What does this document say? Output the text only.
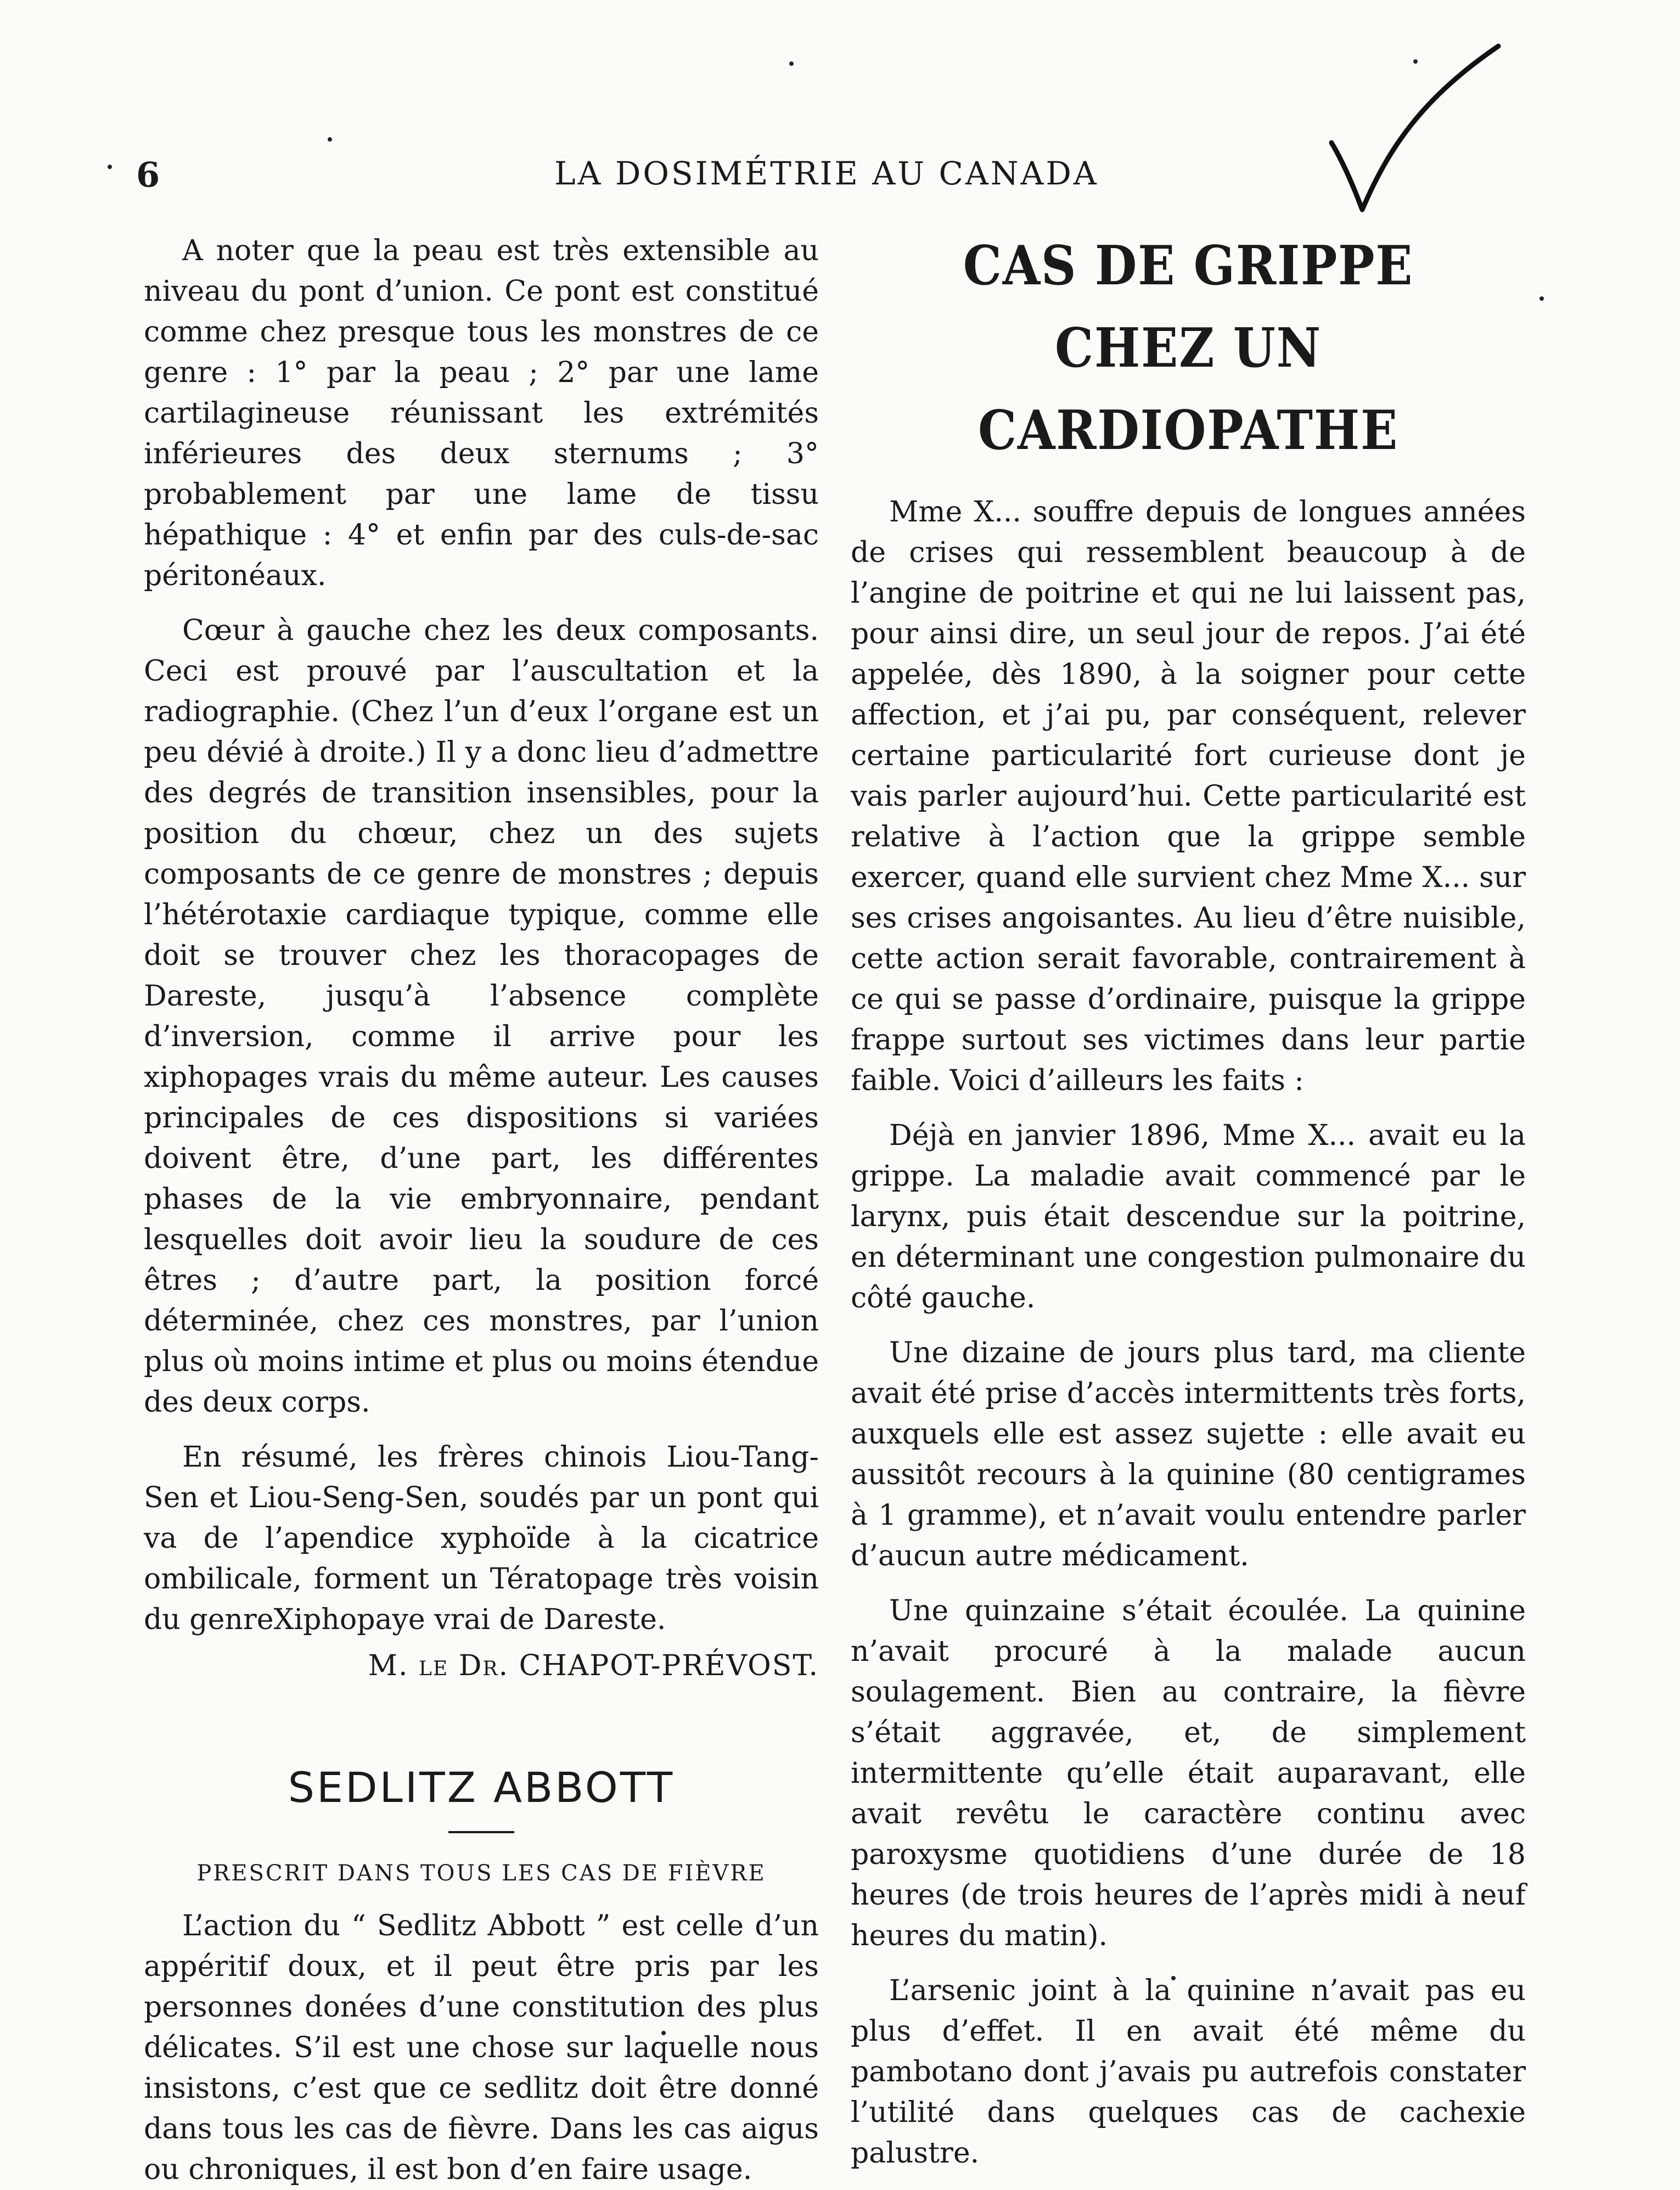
6	LA DOSIMÉTRIE AU CANADA

A noter que la peau est très extensible au niveau du pont d’union. Ce pont est constitué comme chez presque tous les monstres de ce genre : 1° par la peau ; 2° par une lame cartilagineuse réunissant les extrémités inférieures des deux sternums ; 3° probablement par une lame de tissu hépathique : 4° et enfin par des culs-de-sac péritonéaux.

Cœur à gauche chez les deux composants. Ceci est prouvé par l’auscultation et la radiographie. (Chez l’un d’eux l’organe est un peu dévié à droite.) Il y a donc lieu d’admettre des degrés de transition insensibles, pour la position du chœur, chez un des sujets composants de ce genre de monstres ; depuis l’hétérotaxie cardiaque typique, comme elle doit se trouver chez les thoracopages de Dareste, jusqu’à l’absence complète d’inversion, comme il arrive pour les xiphopages vrais du même auteur. Les causes principales de ces dispositions si variées doivent être, d’une part, les différentes phases de la vie embryonnaire, pendant lesquelles doit avoir lieu la soudure de ces êtres ; d’autre part, la position forcé déterminée, chez ces monstres, par l’union plus où moins intime et plus ou moins étendue des deux corps.

En résumé, les frères chinois Liou-Tang-Sen et Liou-Seng-Sen, soudés par un pont qui va de l’apendice xyphoïde à la cicatrice ombilicale, forment un Tératopage très voisin du genreXiphopaye vrai de Dareste.

M. le Dr. CHAPOT-PRÉVOST.
SEDLITZ ABBOTT
PRESCRIT DANS TOUS LES CAS DE FIÈVRE

L’action du “ Sedlitz Abbott ” est celle d’un appéritif doux, et il peut être pris par les personnes donées d’une constitution des plus délicates. S’il est une chose sur laquelle nous insistons, c’est que ce sedlitz doit être donné dans tous les cas de fièvre. Dans les cas aigus ou chroniques, il est bon d’en faire usage.

CAS DE GRIPPE CHEZ UN CARDIOPATHE

Mme X... souffre depuis de longues années de crises qui ressemblent beaucoup à de l’angine de poitrine et qui ne lui laissent pas, pour ainsi dire, un seul jour de repos. J’ai été appelée, dès 1890, à la soigner pour cette affection, et j’ai pu, par conséquent, relever certaine particularité fort curieuse dont je vais parler aujourd’hui. Cette particularité est relative à l’action que la grippe semble exercer, quand elle survient chez Mme X... sur ses crises angoisantes. Au lieu d’être nuisible, cette action serait favorable, contrairement à ce qui se passe d’ordinaire, puisque la grippe frappe surtout ses victimes dans leur partie faible. Voici d’ailleurs les faits :

Déjà en janvier 1896, Mme X... avait eu la grippe. La maladie avait commencé par le larynx, puis était descendue sur la poitrine, en déterminant une congestion pulmonaire du côté gauche.

Une dizaine de jours plus tard, ma cliente avait été prise d’accès intermittents très forts, auxquels elle est assez sujette : elle avait eu aussitôt recours à la quinine (80 centigrames à 1 gramme), et n’avait voulu entendre parler d’aucun autre médicament.

Une quinzaine s’était écoulée. La quinine n’avait procuré à la malade aucun soulagement. Bien au contraire, la fièvre s’était aggravée, et, de simplement intermittente qu’elle était auparavant, elle avait revêtu le caractère continu avec paroxysme quotidiens d’une durée de 18 heures (de trois heures de l’après midi à neuf heures du matin).

L’arsenic joint à la quinine n’avait pas eu plus d’effet. Il en avait été même du pambotano dont j’avais pu autrefois constater l’utilité dans quelques cas de cachexie palustre.
